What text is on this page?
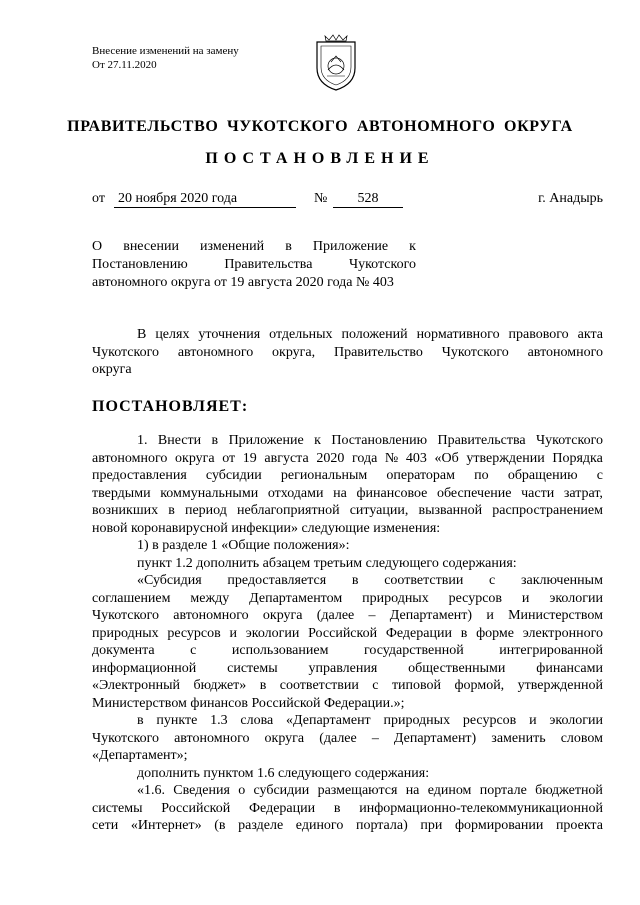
Внесение изменений на замену
От 27.11.2020
ПРАВИТЕЛЬСТВО ЧУКОТСКОГО АВТОНОМНОГО ОКРУГА
ПОСТАНОВЛЕНИЕ
от 20 ноября 2020 года	№	528	г. Анадырь
О внесении изменений в Приложение к
Постановлению	Правительства	Чукотского
автономного округа от 19 августа 2020 года № 403
В целях уточнения отдельных положений нормативного правового акта
Чукотского автономного округа, Правительство Чукотского автономного
округа
ПОСТАНОВЛЯЕТ:
1. Внести в Приложение к Постановлению Правительства Чукотского
автономного округа от 19 августа 2020 года № 403 «Об утверждении Порядка
предоставления субсидии региональным операторам по обращению с
твердыми коммунальными отходами на финансовое обеспечение части затрат,
возникших в период неблагоприятной ситуации, вызванной распространением
новой коронавирусной инфекции» следующие изменения:
1) в разделе 1 «Общие положения»:
пункт 1.2 дополнить абзацем третьим следующего содержания:
«Субсидия предоставляется в соответствии с заключенным
соглашением между Департаментом природных ресурсов и экологии
Чукотского автономного округа (далее – Департамент) и Министерством
природных ресурсов и экологии Российской Федерации в форме электронного
документа	с	использованием	государственной	интегрированной
информационной системы управления общественными финансами
«Электронный бюджет» в соответствии с типовой формой, утвержденной
Министерством финансов Российской Федерации.»;
в пункте 1.3 слова «Департамент природных ресурсов и экологии
Чукотского автономного округа (далее – Департамент) заменить словом
«Департамент»;
дополнить пунктом 1.6 следующего содержания:
«1.6. Сведения о субсидии размещаются на едином портале бюджетной
системы Российской Федерации в информационно-телекоммуникационной
сети «Интернет» (в разделе единого портала) при формировании проекта
